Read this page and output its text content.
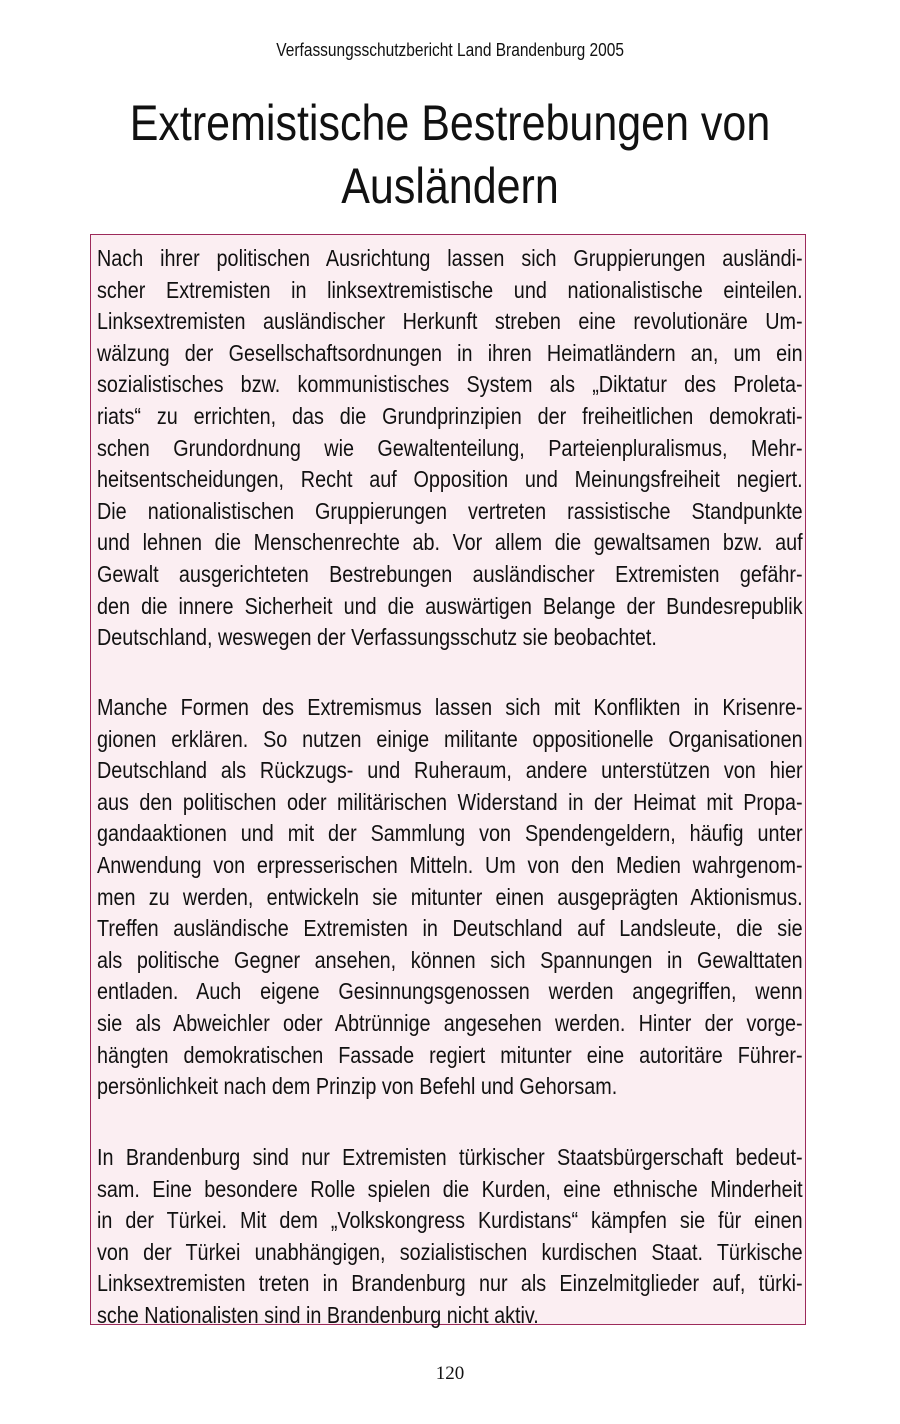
Verfassungsschutzbericht Land Brandenburg 2005
Extremistische Bestrebungen von
Ausländern
Nach ihrer politischen Ausrichtung lassen sich Gruppierungen ausländi-
scher Extremisten in linksextremistische und nationalistische einteilen.
Linksextremisten ausländischer Herkunft streben eine revolutionäre Um-
wälzung der Gesellschaftsordnungen in ihren Heimatländern an, um ein
sozialistisches bzw. kommunistisches System als „Diktatur des Proleta-
riats“ zu errichten, das die Grundprinzipien der freiheitlichen demokrati-
schen Grundordnung wie Gewaltenteilung, Parteienpluralismus, Mehr-
heitsentscheidungen, Recht auf Opposition und Meinungsfreiheit negiert.
Die nationalistischen Gruppierungen vertreten rassistische Standpunkte
und lehnen die Menschenrechte ab. Vor allem die gewaltsamen bzw. auf
Gewalt ausgerichteten Bestrebungen ausländischer Extremisten gefähr-
den die innere Sicherheit und die auswärtigen Belange der Bundesrepublik
Deutschland, weswegen der Verfassungsschutz sie beobachtet.
Manche Formen des Extremismus lassen sich mit Konflikten in Krisenre-
gionen erklären. So nutzen einige militante oppositionelle Organisationen
Deutschland als Rückzugs- und Ruheraum, andere unterstützen von hier
aus den politischen oder militärischen Widerstand in der Heimat mit Propa-
gandaaktionen und mit der Sammlung von Spendengeldern, häufig unter
Anwendung von erpresserischen Mitteln. Um von den Medien wahrgenom-
men zu werden, entwickeln sie mitunter einen ausgeprägten Aktionismus.
Treffen ausländische Extremisten in Deutschland auf Landsleute, die sie
als politische Gegner ansehen, können sich Spannungen in Gewalttaten
entladen. Auch eigene Gesinnungsgenossen werden angegriffen, wenn
sie als Abweichler oder Abtrünnige angesehen werden. Hinter der vorge-
hängten demokratischen Fassade regiert mitunter eine autoritäre Führer-
persönlichkeit nach dem Prinzip von Befehl und Gehorsam.
In Brandenburg sind nur Extremisten türkischer Staatsbürgerschaft bedeut-
sam. Eine besondere Rolle spielen die Kurden, eine ethnische Minderheit
in der Türkei. Mit dem „Volkskongress Kurdistans“ kämpfen sie für einen
von der Türkei unabhängigen, sozialistischen kurdischen Staat. Türkische
Linksextremisten treten in Brandenburg nur als Einzelmitglieder auf, türki-
sche Nationalisten sind in Brandenburg nicht aktiv.
120
